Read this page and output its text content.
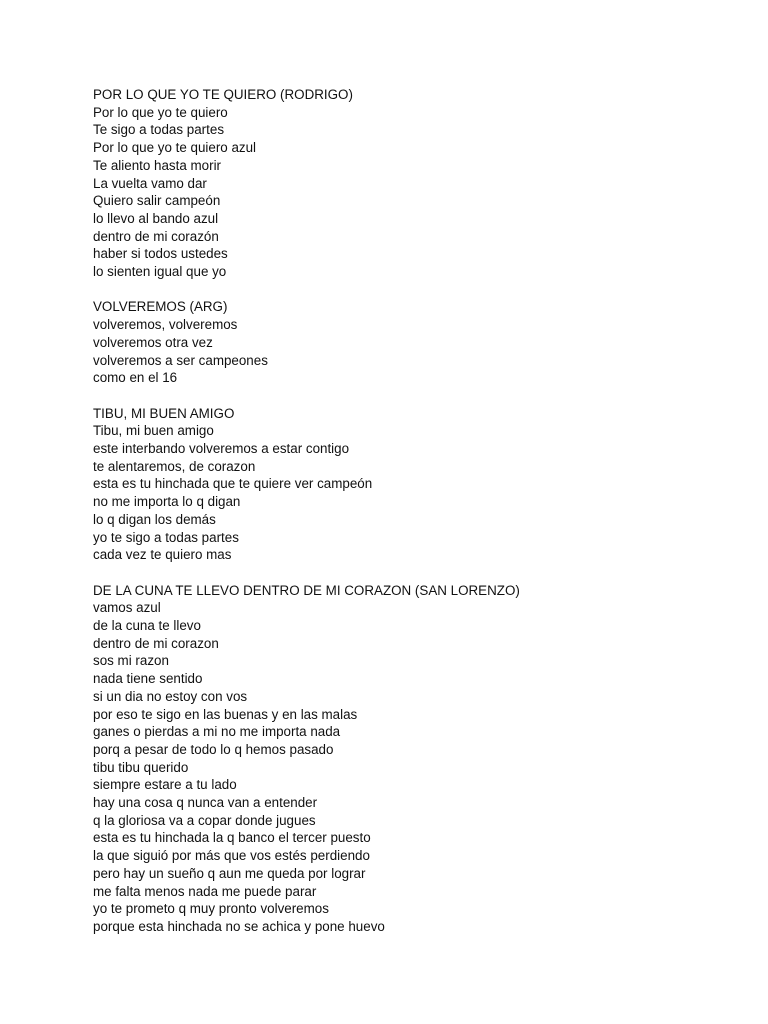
POR LO QUE YO TE QUIERO (RODRIGO)
Por lo que yo te quiero
Te sigo a todas partes
Por lo que yo te quiero azul
Te aliento hasta morir
La vuelta vamo dar
Quiero salir campeón
lo llevo al bando azul
dentro de mi corazón
haber si todos ustedes
lo sienten igual que yo
VOLVEREMOS (ARG)
volveremos, volveremos
volveremos otra vez
volveremos a ser campeones
como en el 16
TIBU, MI BUEN AMIGO
Tibu, mi buen amigo
este interbando volveremos a estar contigo
te alentaremos, de corazon
esta es tu hinchada que te quiere ver campeón
no me importa lo q digan
lo q digan los demás
yo te sigo a todas partes
cada vez te quiero mas
DE LA CUNA TE LLEVO DENTRO DE MI CORAZON (SAN LORENZO)
vamos azul
de la cuna te llevo
dentro de mi corazon
sos mi razon
nada tiene sentido
si un dia no estoy con vos
por eso te sigo en las buenas y en las malas
ganes o pierdas a mi no me importa nada
porq a pesar de todo lo q hemos pasado
tibu tibu querido
siempre estare a tu lado
hay una cosa q nunca van a entender
q la gloriosa va a copar donde jugues
esta es tu hinchada la q banco el tercer puesto
la que siguió por más que vos estés perdiendo
pero hay un sueño q aun me queda por lograr
me falta menos nada me puede parar
yo te prometo q muy pronto volveremos
porque esta hinchada no se achica y pone huevo
